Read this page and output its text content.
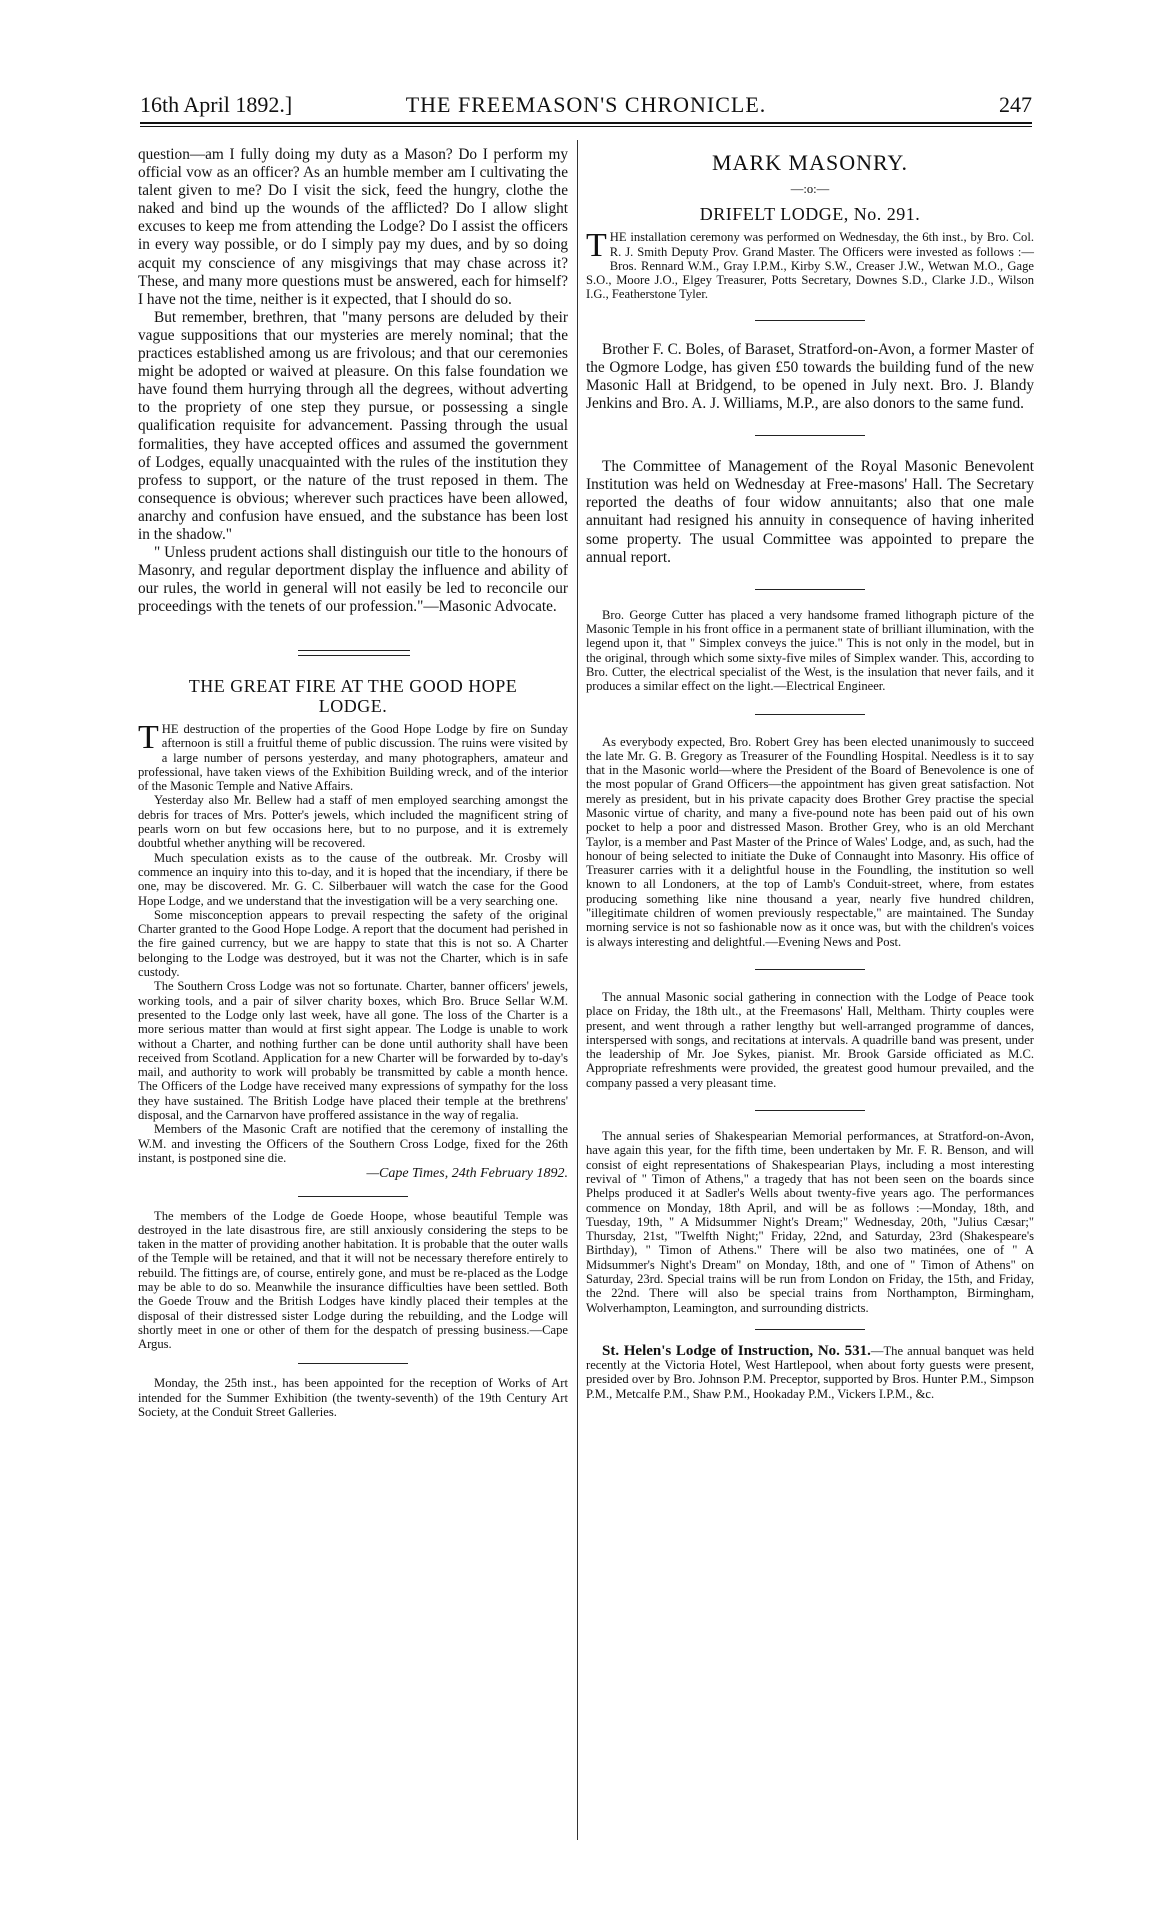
THE FREEMASON'S CHRONICLE.
16th April 1892.]	247

question—am I fully doing my duty as a Mason? Do I perform my official vow as an officer? As an humble member am I cultivating the talent given to me? Do I visit the sick, feed the hungry, clothe the naked and bind up the wounds of the afflicted? Do I allow slight excuses to keep me from attending the Lodge? Do I assist the officers in every way possible, or do I simply pay my dues, and by so doing acquit my conscience of any misgivings that may chase across it? These, and many more questions must be answered, each for himself? I have not the time, neither is it expected, that I should do so.

But remember, brethren, that "many persons are deluded by their vague suppositions that our mysteries are merely nominal; that the practices established among us are frivolous; and that our ceremonies might be adopted or waived at pleasure. On this false foundation we have found them hurrying through all the degrees, without adverting to the propriety of one step they pursue, or possessing a single qualification requisite for advancement. Passing through the usual formalities, they have accepted offices and assumed the government of Lodges, equally unacquainted with the rules of the institution they profess to support, or the nature of the trust reposed in them. The consequence is obvious; wherever such practices have been allowed, anarchy and confusion have ensued, and the substance has been lost in the shadow."

" Unless prudent actions shall distinguish our title to the honours of Masonry, and regular deportment display the influence and ability of our rules, the world in general will not easily be led to reconcile our proceedings with the tenets of our profession."—Masonic Advocate.

THE GREAT FIRE AT THE GOOD HOPE

LODGE.

THE destruction of the properties of the Good Hope Lodge by fire on Sunday afternoon is still a fruitful theme of public discussion. The ruins were visited by a large number of persons yesterday, and many photographers, amateur and professional, have taken views of the Exhibition Building wreck, and of the interior of the Masonic Temple and Native Affairs.

Yesterday also Mr. Bellew had a staff of men employed searching amongst the debris for traces of Mrs. Potter's jewels, which included the magnificent string of pearls worn on but few occasions here, but to no purpose, and it is extremely doubtful whether anything will be recovered.

Much speculation exists as to the cause of the outbreak. Mr. Crosby will commence an inquiry into this to-day, and it is hoped that the incendiary, if there be one, may be discovered. Mr. G. C. Silberbauer will watch the case for the Good Hope Lodge, and we understand that the investigation will be a very searching one.

Some misconception appears to prevail respecting the safety of the original Charter granted to the Good Hope Lodge. A report that the document had perished in the fire gained currency, but we are happy to state that this is not so. A Charter belonging to the Lodge was destroyed, but it was not the Charter, which is in safe custody.

The Southern Cross Lodge was not so fortunate. Charter, banner officers' jewels, working tools, and a pair of silver charity boxes, which Bro. Bruce Sellar W.M. presented to the Lodge only last week, have all gone. The loss of the Charter is a more serious matter than would at first sight appear. The Lodge is unable to work without a Charter, and nothing further can be done until authority shall have been received from Scotland. Application for a new Charter will be forwarded by to-day's mail, and authority to work will probably be transmitted by cable a month hence. The Officers of the Lodge have received many expressions of sympathy for the loss they have sustained. The British Lodge have placed their temple at the brethrens' disposal, and the Carnarvon have proffered assistance in the way of regalia.

Members of the Masonic Craft are notified that the ceremony of installing the W.M. and investing the Officers of the Southern Cross Lodge, fixed for the 26th instant, is postponed sine die.

—Cape Times, 24th February 1892.

The members of the Lodge de Goede Hoope, whose beautiful Temple was destroyed in the late disastrous fire, are still anxiously considering the steps to be taken in the matter of providing another habitation. It is probable that the outer walls of the Temple will be retained, and that it will not be necessary therefore entirely to rebuild. The fittings are, of course, entirely gone, and must be re-placed as the Lodge may be able to do so. Meanwhile the insurance difficulties have been settled. Both the Goede Trouw and the British Lodges have kindly placed their temples at the disposal of their distressed sister Lodge during the rebuilding, and the Lodge will shortly meet in one or other of them for the despatch of pressing business.—Cape Argus.

Monday, the 25th inst., has been appointed for the reception of Works of Art intended for the Summer Exhibition (the twenty-seventh) of the 19th Century Art Society, at the Conduit Street Galleries.

MARK MASONRY.

—:o:—

DRIFELT LODGE, No. 291.

THE installation ceremony was performed on Wednesday, the 6th inst., by Bro. Col. R. J. Smith Deputy Prov. Grand Master. The Officers were invested as follows :—Bros. Rennard W.M., Gray I.P.M., Kirby S.W., Creaser J.W., Wetwan M.O., Gage S.O., Moore J.O., Elgey Treasurer, Potts Secretary, Downes S.D., Clarke J.D., Wilson I.G., Featherstone Tyler.

Brother F. C. Boles, of Baraset, Stratford-on-Avon, a former Master of the Ogmore Lodge, has given £50 towards the building fund of the new Masonic Hall at Bridgend, to be opened in July next. Bro. J. Blandy Jenkins and Bro. A. J. Williams, M.P., are also donors to the same fund.

The Committee of Management of the Royal Masonic Benevolent Institution was held on Wednesday at Free-masons' Hall. The Secretary reported the deaths of four widow annuitants; also that one male annuitant had resigned his annuity in consequence of having inherited some property. The usual Committee was appointed to prepare the annual report.

Bro. George Cutter has placed a very handsome framed lithograph picture of the Masonic Temple in his front office in a permanent state of brilliant illumination, with the legend upon it, that " Simplex conveys the juice." This is not only in the model, but in the original, through which some sixty-five miles of Simplex wander. This, according to Bro. Cutter, the electrical specialist of the West, is the insulation that never fails, and it produces a similar effect on the light.—Electrical Engineer.

As everybody expected, Bro. Robert Grey has been elected unanimously to succeed the late Mr. G. B. Gregory as Treasurer of the Foundling Hospital. Needless is it to say that in the Masonic world—where the President of the Board of Benevolence is one of the most popular of Grand Officers—the appointment has given great satisfaction. Not merely as president, but in his private capacity does Brother Grey practise the special Masonic virtue of charity, and many a five-pound note has been paid out of his own pocket to help a poor and distressed Mason. Brother Grey, who is an old Merchant Taylor, is a member and Past Master of the Prince of Wales' Lodge, and, as such, had the honour of being selected to initiate the Duke of Connaught into Masonry. His office of Treasurer carries with it a delightful house in the Foundling, the institution so well known to all Londoners, at the top of Lamb's Conduit-street, where, from estates producing something like nine thousand a year, nearly five hundred children, "illegitimate children of women previously respectable," are maintained. The Sunday morning service is not so fashionable now as it once was, but with the children's voices is always interesting and delightful.—Evening News and Post.

The annual Masonic social gathering in connection with the Lodge of Peace took place on Friday, the 18th ult., at the Freemasons' Hall, Meltham. Thirty couples were present, and went through a rather lengthy but well-arranged programme of dances, interspersed with songs, and recitations at intervals. A quadrille band was present, under the leadership of Mr. Joe Sykes, pianist. Mr. Brook Garside officiated as M.C. Appropriate refreshments were provided, the greatest good humour prevailed, and the company passed a very pleasant time.

The annual series of Shakespearian Memorial performances, at Stratford-on-Avon, have again this year, for the fifth time, been undertaken by Mr. F. R. Benson, and will consist of eight representations of Shakespearian Plays, including a most interesting revival of " Timon of Athens," a tragedy that has not been seen on the boards since Phelps produced it at Sadler's Wells about twenty-five years ago. The performances commence on Monday, 18th April, and will be as follows :—Monday, 18th, and Tuesday, 19th, " A Midsummer Night's Dream;" Wednesday, 20th, "Julius Cæsar;" Thursday, 21st, "Twelfth Night;" Friday, 22nd, and Saturday, 23rd (Shakespeare's Birthday), " Timon of Athens." There will be also two matinées, one of " A Midsummer's Night's Dream" on Monday, 18th, and one of " Timon of Athens" on Saturday, 23rd. Special trains will be run from London on Friday, the 15th, and Friday, the 22nd. There will also be special trains from Northampton, Birmingham, Wolverhampton, Leamington, and surrounding districts.

St. Helen's Lodge of Instruction, No. 531.—The annual banquet was held recently at the Victoria Hotel, West Hartlepool, when about forty guests were present, presided over by Bro. Johnson P.M. Preceptor, supported by Bros. Hunter P.M., Simpson P.M., Metcalfe P.M., Shaw P.M., Hookaday P.M., Vickers I.P.M., &c.
